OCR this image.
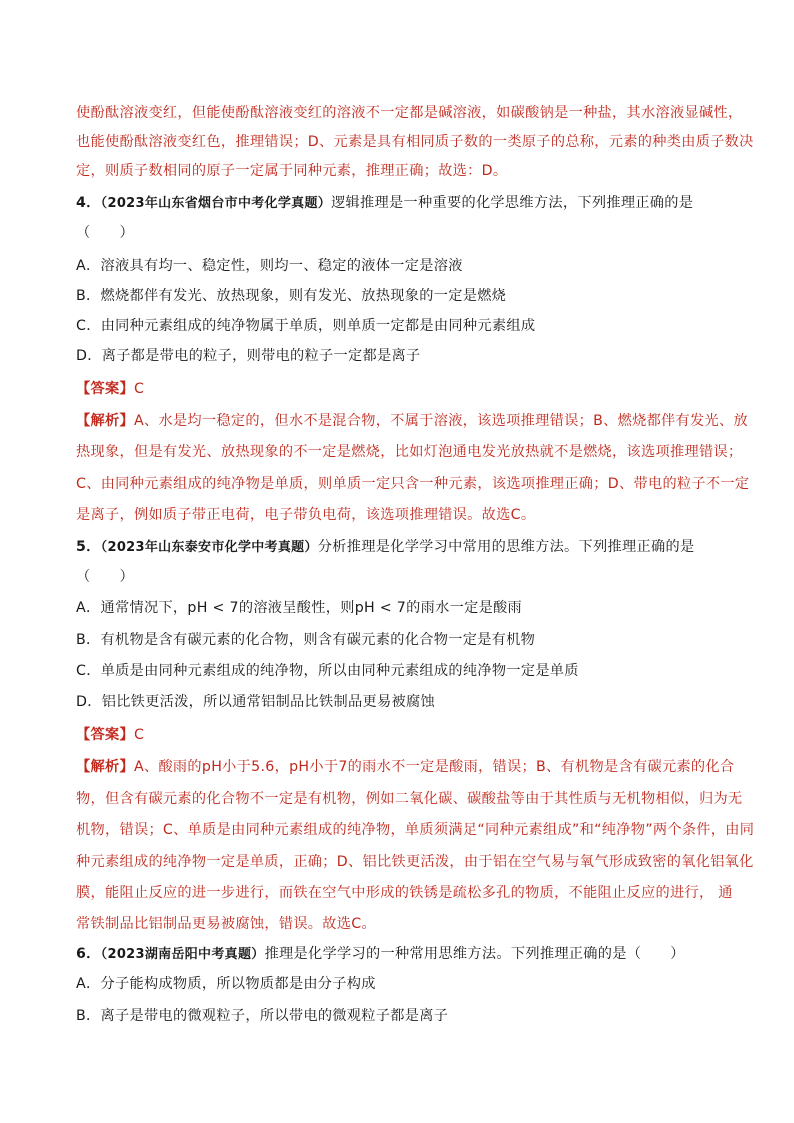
使酚酞溶液变红，但能使酚酞溶液变红的溶液不一定都是碱溶液，如碳酸钠是一种盐，其水溶液显碱性，
也能使酚酞溶液变红色，推理错误；D、元素是具有相同质子数的一类原子的总称，元素的种类由质子数决
定，则质子数相同的原子一定属于同种元素，推理正确；故选：D。
4．（2023年山东省烟台市中考化学真题）逻辑推理是一种重要的化学思维方法，下列推理正确的是
（　　）
A．溶液具有均一、稳定性，则均一、稳定的液体一定是溶液
B．燃烧都伴有发光、放热现象，则有发光、放热现象的一定是燃烧
C．由同种元素组成的纯净物属于单质，则单质一定都是由同种元素组成
D．离子都是带电的粒子，则带电的粒子一定都是离子
【答案】C
【解析】A、水是均一稳定的，但水不是混合物，不属于溶液，该选项推理错误；B、燃烧都伴有发光、放
热现象，但是有发光、放热现象的不一定是燃烧，比如灯泡通电发光放热就不是燃烧，该选项推理错误；
C、由同种元素组成的纯净物是单质，则单质一定只含一种元素，该选项推理正确；D、带电的粒子不一定
是离子，例如质子带正电荷，电子带负电荷，该选项推理错误。故选C。
5．（2023年山东泰安市化学中考真题）分析推理是化学学习中常用的思维方法。下列推理正确的是
（　　）
A．通常情况下，pH < 7的溶液呈酸性，则pH < 7的雨水一定是酸雨
B．有机物是含有碳元素的化合物，则含有碳元素的化合物一定是有机物
C．单质是由同种元素组成的纯净物，所以由同种元素组成的纯净物一定是单质
D．铝比铁更活泼，所以通常铝制品比铁制品更易被腐蚀
【答案】C
【解析】A、酸雨的pH小于5.6，pH小于7的雨水不一定是酸雨，错误；B、有机物是含有碳元素的化合
物，但含有碳元素的化合物不一定是有机物，例如二氧化碳、碳酸盐等由于其性质与无机物相似，归为无
机物，错误；C、单质是由同种元素组成的纯净物，单质须满足“同种元素组成”和“纯净物”两个条件，由同
种元素组成的纯净物一定是单质，正确；D、铝比铁更活泼，由于铝在空气易与氧气形成致密的氧化铝氧化
膜，能阻止反应的进一步进行，而铁在空气中形成的铁锈是疏松多孔的物质，不能阻止反应的进行， 通
常铁制品比铝制品更易被腐蚀，错误。故选C。
6．（2023湖南岳阳中考真题）推理是化学学习的一种常用思维方法。下列推理正确的是（　　）
A．分子能构成物质，所以物质都是由分子构成
B．离子是带电的微观粒子，所以带电的微观粒子都是离子
